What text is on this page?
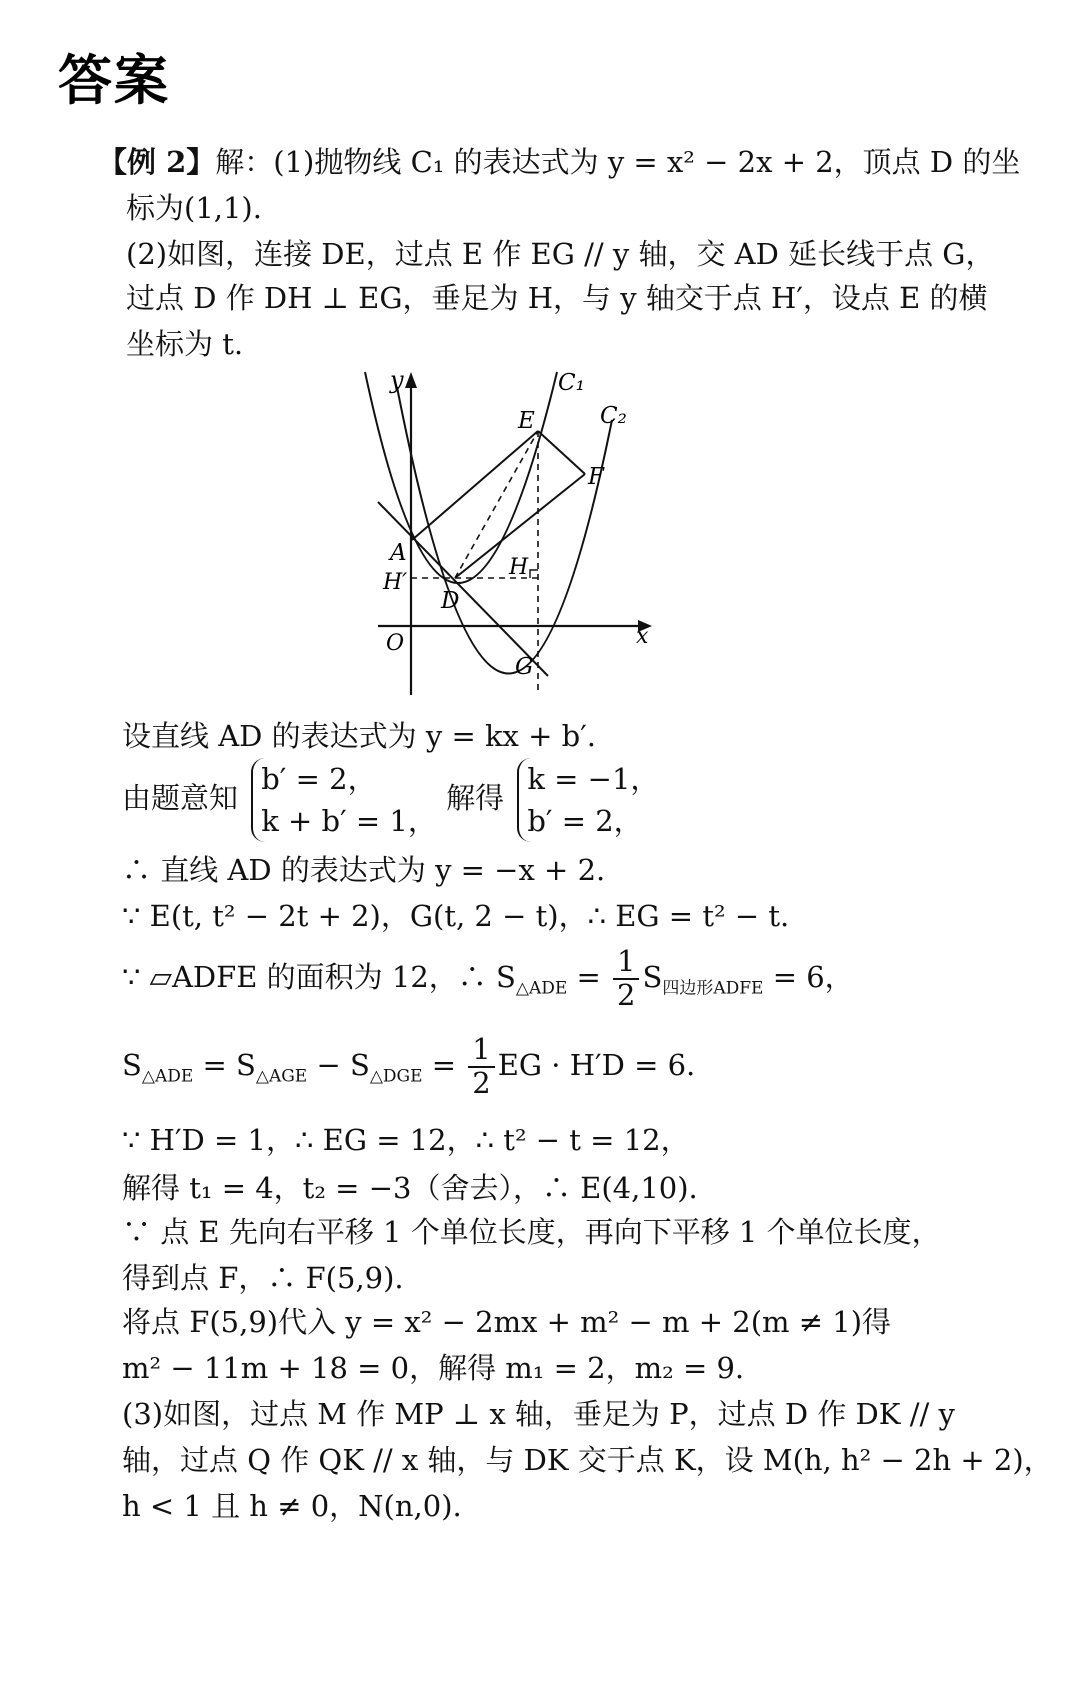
答案
【例 2】解：(1)抛物线 C₁ 的表达式为 y = x² − 2x + 2，顶点 D 的坐
标为(1,1).
(2)如图，连接 DE，过点 E 作 EG // y 轴，交 AD 延长线于点 G，
过点 D 作 DH ⊥ EG，垂足为 H，与 y 轴交于点 H′，设点 E 的横
坐标为 t.
y
x
O
C₁
C₂
E
F
A
H
H′
D
G
设直线 AD 的表达式为 y = kx + b′.
由题意知
b′ = 2，
k + b′ = 1，
解得
k = −1，
b′ = 2，
∴ 直线 AD 的表达式为 y = −x + 2.
∵ E(t, t² − 2t + 2)，G(t, 2 − t)，∴ EG = t² − t.
∵ ▱ADFE 的面积为 12，∴ $S_{\triangle ADE} = \frac{1}{2} S_{四边形ADFE} = 6$，
$S_{\triangle ADE} = S_{\triangle AGE} - S_{\triangle DGE} = \frac{1}{2}$ EG · H′D = 6.
∵ H′D = 1，∴ EG = 12，∴ t² − t = 12，
解得 t₁ = 4，t₂ = −3（舍去），∴ E(4,10).
∵ 点 E 先向右平移 1 个单位长度，再向下平移 1 个单位长度，
得到点 F，∴ F(5,9).
将点 F(5,9)代入 y = x² − 2mx + m² − m + 2(m ≠ 1)得
m² − 11m + 18 = 0，解得 m₁ = 2，m₂ = 9.
(3)如图，过点 M 作 MP ⊥ x 轴，垂足为 P，过点 D 作 DK // y
轴，过点 Q 作 QK // x 轴，与 DK 交于点 K，设 M(h, h² − 2h + 2)，
h < 1 且 h ≠ 0，N(n,0).
